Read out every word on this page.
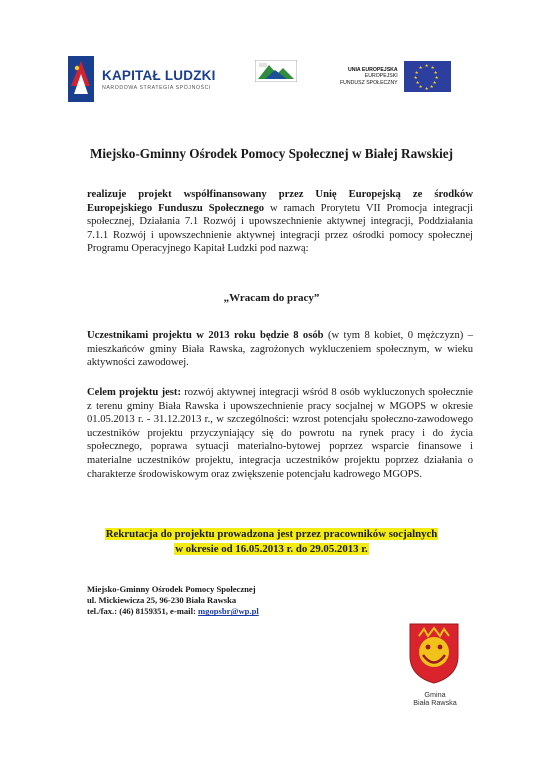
KAPITAŁ LUDZKI
NARODOWA STRATEGIA SPÓJNOŚCI
UNIA EUROPEJSKA
EUROPEJSKI
FUNDUSZ SPOŁECZNY
★ ★
★
★
★
★
★
★
★
★
★
★
Miejsko-Gminny Ośrodek Pomocy Społecznej w Białej Rawskiej
realizuje projekt współfinansowany przez Unię Europejską ze środków Europejskiego Funduszu Społecznego w ramach Prorytetu VII Promocja integracji społecznej, Działania 7.1 Rozwój i upowszechnienie aktywnej integracji, Poddziałania 7.1.1 Rozwój i upowszechnienie aktywnej integracji przez ośrodki pomocy społecznej Programu Operacyjnego Kapitał Ludzki pod nazwą:
„Wracam do pracy”
Uczestnikami projektu w 2013 roku będzie 8 osób (w tym 8 kobiet, 0 mężczyzn) – mieszkańców gminy Biała Rawska, zagrożonych wykluczeniem społecznym, w wieku aktywności zawodowej.
Celem projektu jest: rozwój aktywnej integracji wśród 8 osób wykluczonych społecznie z terenu gminy Biała Rawska i upowszechnienie pracy socjalnej w MGOPS w okresie 01.05.2013 r. - 31.12.2013 r., w szczególności: wzrost potencjału społeczno-zawodowego uczestników projektu przyczyniający się do powrotu na rynek pracy i do życia społecznego, poprawa sytuacji materialno-bytowej poprzez wsparcie finansowe i materialne uczestników projektu, integracja uczestników projektu poprzez działania o charakterze środowiskowym oraz zwiększenie potencjału kadrowego MGOPS.
Rekrutacja do projektu prowadzona jest przez pracowników socjalnych
w okresie od 16.05.2013 r. do 29.05.2013 r.
Miejsko-Gminny Ośrodek Pomocy Społecznej
ul. Mickiewicza 25, 96-230 Biała Rawska
tel./fax.: (46) 8159351, e-mail: mgopsbr@wp.pl
Gmina
Biała Rawska
